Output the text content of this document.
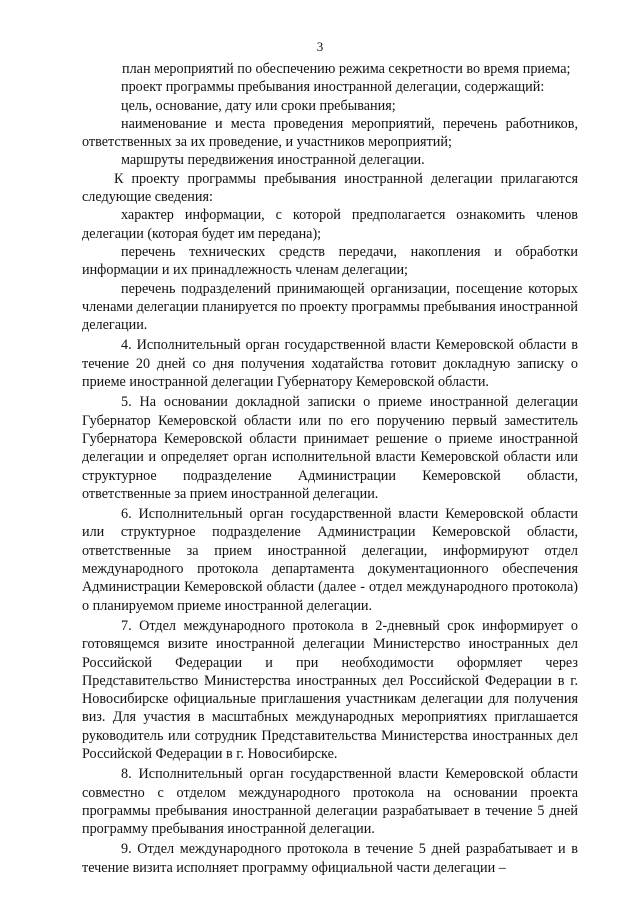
3

план мероприятий по обеспечению режима секретности во время приема;

проект программы пребывания иностранной делегации, содержащий:

цель, основание, дату или сроки пребывания;

наименование и места проведения мероприятий, перечень работников, ответственных за их проведение, и участников мероприятий;

маршруты передвижения иностранной делегации.

К проекту программы пребывания иностранной делегации прилагаются следующие сведения:

характер информации, с которой предполагается ознакомить членов делегации (которая будет им передана);

перечень технических средств передачи, накопления и обработки информации и их принадлежность членам делегации;

перечень подразделений принимающей организации, посещение которых членами делегации планируется по проекту программы пребывания иностранной делегации.

4. Исполнительный орган государственной власти Кемеровской области в течение 20 дней со дня получения ходатайства готовит докладную записку о приеме иностранной делегации Губернатору Кемеровской области.

5. На основании докладной записки о приеме иностранной делегации Губернатор Кемеровской области или по его поручению первый заместитель Губернатора Кемеровской области принимает решение о приеме иностранной делегации и определяет орган исполнительной власти Кемеровской области или структурное подразделение Администрации Кемеровской области, ответственные за прием иностранной делегации.

6. Исполнительный орган государственной власти Кемеровской области или структурное подразделение Администрации Кемеровской области, ответственные за прием иностранной делегации, информируют отдел международного протокола департамента документационного обеспечения Администрации Кемеровской области (далее - отдел международного протокола) о планируемом приеме иностранной делегации.

7. Отдел международного протокола в 2-дневный срок информирует о готовящемся визите иностранной делегации Министерство иностранных дел Российской Федерации и при необходимости оформляет через Представительство Министерства иностранных дел Российской Федерации в г. Новосибирске официальные приглашения участникам делегации для получения виз. Для участия в масштабных международных мероприятиях приглашается руководитель или сотрудник Представительства Министерства иностранных дел Российской Федерации в г. Новосибирске.

8. Исполнительный орган государственной власти Кемеровской области совместно с отделом международного протокола на основании проекта программы пребывания иностранной делегации разрабатывает в течение 5 дней программу пребывания иностранной делегации.

9. Отдел международного протокола в течение 5 дней разрабатывает и в течение визита исполняет программу официальной части делегации –
